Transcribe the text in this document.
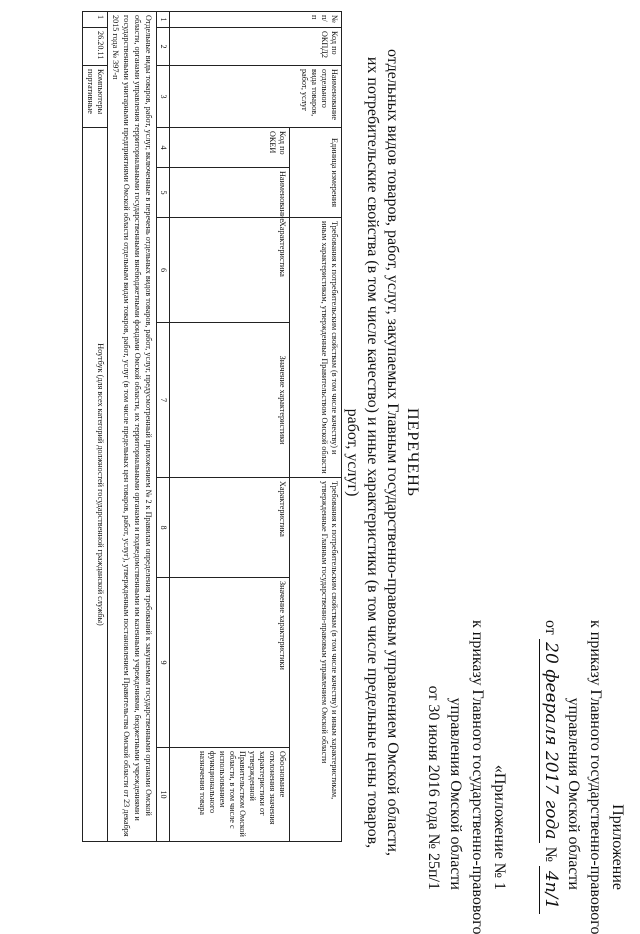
Приложение
к приказу Главного государственно-правового
управления Омской области
от 20 февраля 2017 года № 4п/1
«Приложение № 1
к приказу Главного государственно-правового
управления Омской области
от 30 июня 2016 года № 25п/1
ПЕРЕЧЕНЬ
отдельных видов товаров, работ, услуг, закупаемых Главным государственно-правовым управлением Омской области,
их потребительские свойства (в том числе качество) и иные характеристики (в том числе предельные цены товаров,
работ, услуг)
№ п/п	Код по ОКПД2	Наименование отдельного вида товаров, работ, услуг	Единица измерения		Требования к потребительским свойствам (в том числе качеству) и иным характеристикам, утвержденные Правительством Омской области		Требования к потребительским свойствам (в том числе качеству) и иным характеристикам, утвержденные Главным государственно-правовым управлением Омской области		
			Код по ОКЕИ	Наименование	Характеристика	Значение характеристики	Характеристика	Значение характеристики	Обоснование отклонения значения характеристики от утвержденной Правительством Омской области, в том числе с использованием функционального назначения товара
1	2	3	4	5	6	7	8	9	10
Отдельные виды товаров, работ, услуг, включенные в перечень отдельных видов товаров, работ, услуг, предусмотренный приложением № 2 к Правилам определения требований к закупаемым государственными органами Омской области, органами управления территориальными государственными внебюджетными фондами Омской области, их территориальными органами и подведомственными им казенными учреждениями, бюджетными учреждениями и государственными унитарными предприятиями Омской области отдельным видам товаров, работ, услуг (в том числе предельных цен товаров, работ, услуг), утвержденным постановлением Правительства Омской области от 23 декабря 2015 года № 397-п									
1	26.20.11	Компьютеры портативные	Ноутбук (для всех категорий должностей государственной гражданской службы)						
